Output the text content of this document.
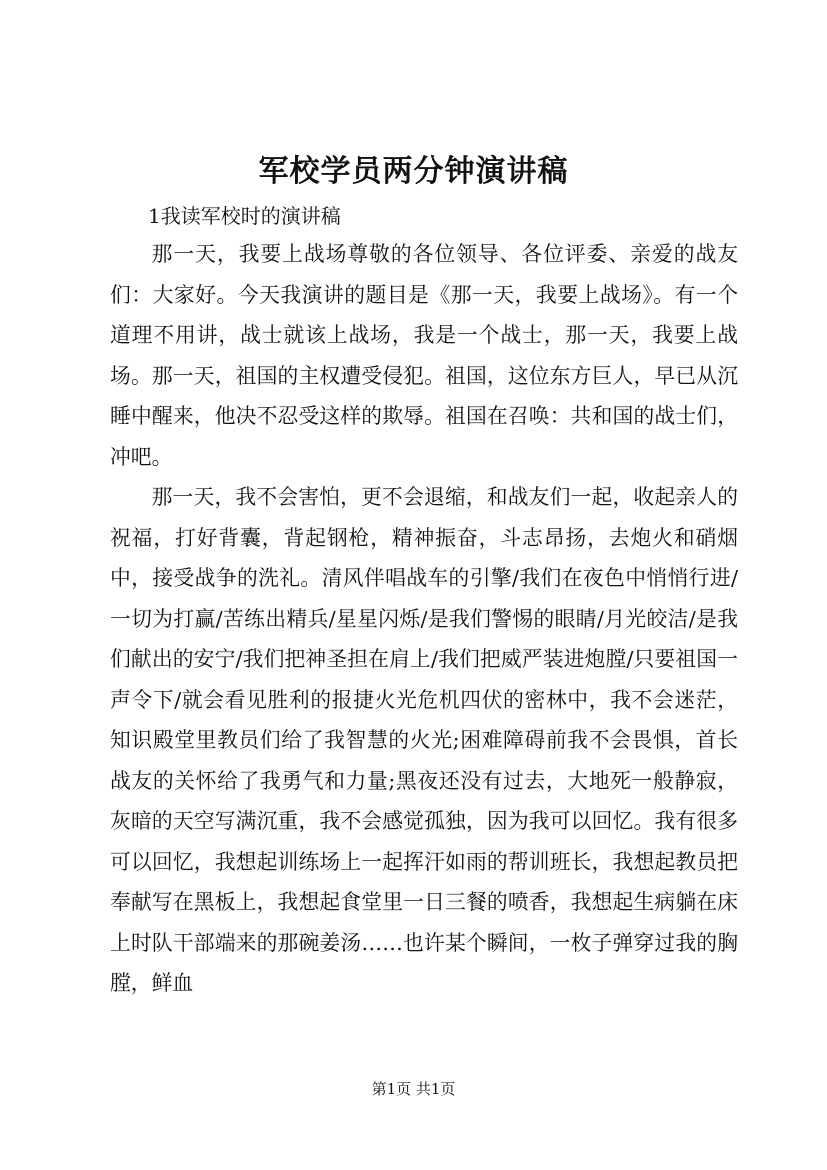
军校学员两分钟演讲稿
1我读军校时的演讲稿

那一天，我要上战场尊敬的各位领导、各位评委、亲爱的战友们：大家好。今天我演讲的题目是《那一天，我要上战场》。有一个道理不用讲，战士就该上战场，我是一个战士，那一天，我要上战场。那一天，祖国的主权遭受侵犯。祖国，这位东方巨人，早已从沉睡中醒来，他决不忍受这样的欺辱。祖国在召唤：共和国的战士们，冲吧。

那一天，我不会害怕，更不会退缩，和战友们一起，收起亲人的祝福，打好背囊，背起钢枪，精神振奋，斗志昂扬，去炮火和硝烟中，接受战争的洗礼。清风伴唱战车的引擎/我们在夜色中悄悄行进/一切为打赢/苦练出精兵/星星闪烁/是我们警惕的眼睛/月光皎洁/是我们献出的安宁/我们把神圣担在肩上/我们把威严装进炮膛/只要祖国一声令下/就会看见胜利的报捷火光危机四伏的密林中，我不会迷茫，知识殿堂里教员们给了我智慧的火光;困难障碍前我不会畏惧，首长战友的关怀给了我勇气和力量;黑夜还没有过去，大地死一般静寂，灰暗的天空写满沉重，我不会感觉孤独，因为我可以回忆。我有很多可以回忆，我想起训练场上一起挥汗如雨的帮训班长，我想起教员把奉献写在黑板上，我想起食堂里一日三餐的喷香，我想起生病躺在床上时队干部端来的那碗姜汤……也许某个瞬间，一枚子弹穿过我的胸膛，鲜血

第1页 共1页
